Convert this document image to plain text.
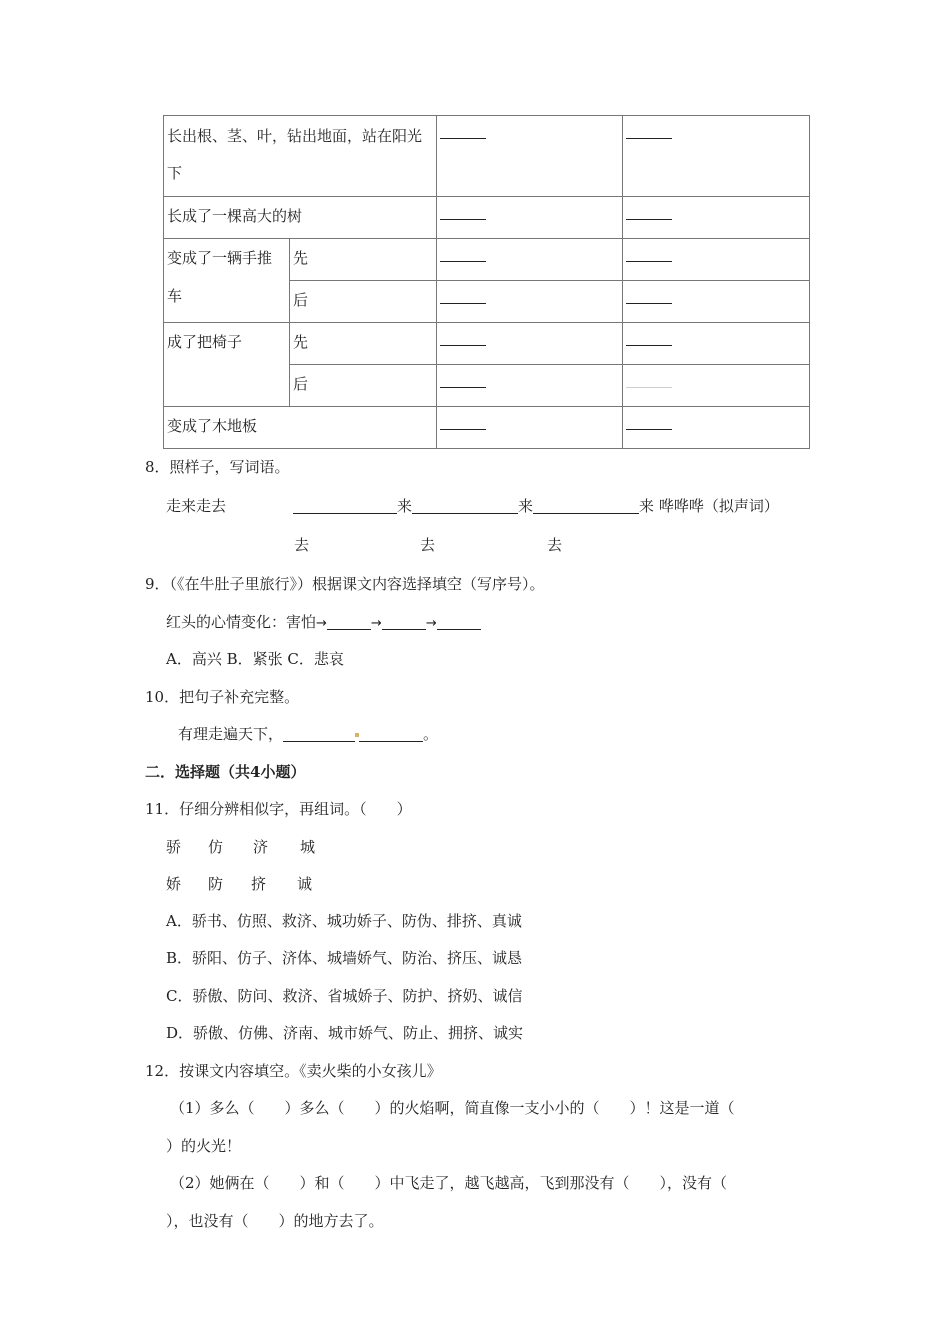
长出根、茎、叶，钻出地面，站在阳光下			
长成了一棵高大的树			
变成了一辆手推车	先		
	后		
成了把椅子	先		
	后		
变成了木地板			
8．照样子，写词语。
走来走去	来	来	来 哗哗哗（拟声词）
去	去	去
9．（《在牛肚子里旅行》）根据课文内容选择填空（写序号）。
红头的心情变化：害怕→	→	→
A．高兴 B．紧张 C．悲哀
10．把句子补充完整。
有理走遍天下，	。
二．选择题（共4小题）
11．仔细分辨相似字，再组词。（　　）
骄 仿 济 城
娇 防 挤 诚
A．骄书、仿照、救济、城功娇子、防伪、排挤、真诚
B．骄阳、仿子、济体、城墙娇气、防治、挤压、诚恳
C．骄傲、防问、救济、省城娇子、防护、挤奶、诚信
D．骄傲、仿佛、济南、城市娇气、防止、拥挤、诚实
12．按课文内容填空。《卖火柴的小女孩儿》
（1）多么（　　）多么（　　）的火焰啊，简直像一支小小的（　　）！这是一道（
）的火光！
（2）她俩在（　　）和（　　）中飞走了，越飞越高，飞到那没有（　　），没有（
），也没有（　　）的地方去了。
